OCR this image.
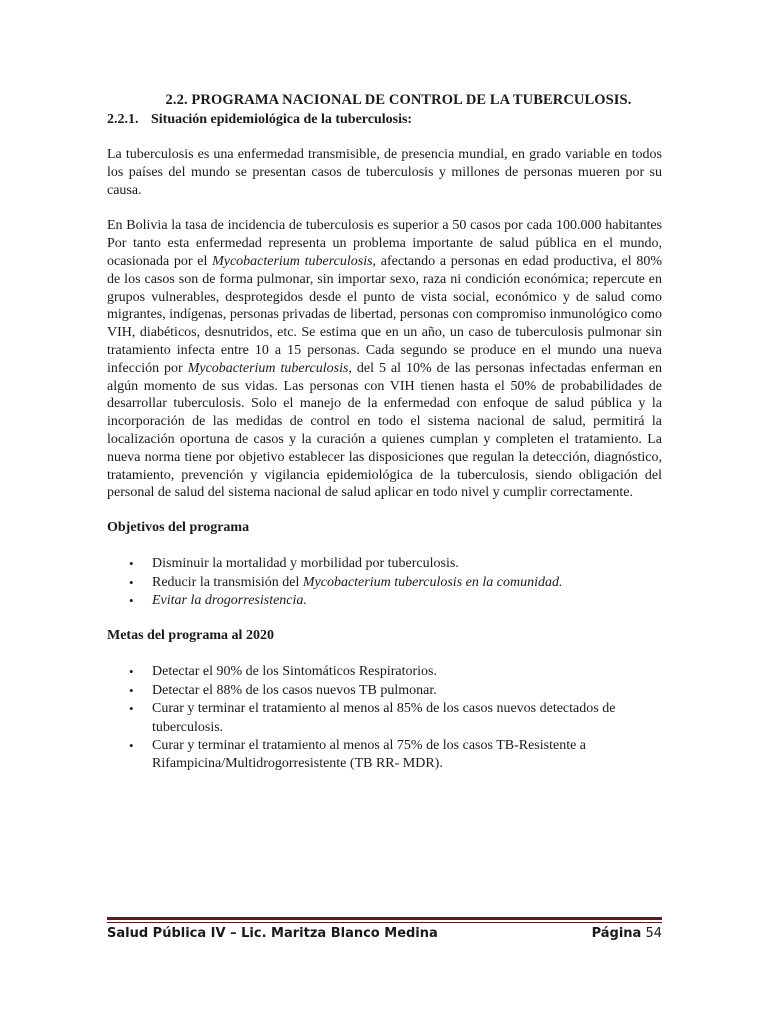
2.2. PROGRAMA NACIONAL DE CONTROL DE LA TUBERCULOSIS.
2.2.1. Situación epidemiológica de la tuberculosis:

La tuberculosis es una enfermedad transmisible, de presencia mundial, en grado variable en todos los países del mundo se presentan casos de tuberculosis y millones de personas mueren por su causa.

En Bolivia la tasa de incidencia de tuberculosis es superior a 50 casos por cada 100.000 habitantes Por tanto esta enfermedad representa un problema importante de salud pública en el mundo, ocasionada por el Mycobacterium tuberculosis, afectando a personas en edad productiva, el 80% de los casos son de forma pulmonar, sin importar sexo, raza ni condición económica; repercute en grupos vulnerables, desprotegidos desde el punto de vista social, económico y de salud como migrantes, indígenas, personas privadas de libertad, personas con compromiso inmunológico como VIH, diabéticos, desnutridos, etc. Se estima que en un año, un caso de tuberculosis pulmonar sin tratamiento infecta entre 10 a 15 personas. Cada segundo se produce en el mundo una nueva infección por Mycobacterium tuberculosis, del 5 al 10% de las personas infectadas enferman en algún momento de sus vidas. Las personas con VIH tienen hasta el 50% de probabilidades de desarrollar tuberculosis. Solo el manejo de la enfermedad con enfoque de salud pública y la incorporación de las medidas de control en todo el sistema nacional de salud, permitirá la localización oportuna de casos y la curación a quienes cumplan y completen el tratamiento. La nueva norma tiene por objetivo establecer las disposiciones que regulan la detección, diagnóstico, tratamiento, prevención y vigilancia epidemiológica de la tuberculosis, siendo obligación del personal de salud del sistema nacional de salud aplicar en todo nivel y cumplir correctamente.

Objetivos del programa
• Disminuir la mortalidad y morbilidad por tuberculosis.
• Reducir la transmisión del Mycobacterium tuberculosis en la comunidad.
• Evitar la drogorresistencia.
Metas del programa al 2020
• Detectar el 90% de los Sintomáticos Respiratorios.
• Detectar el 88% de los casos nuevos TB pulmonar.
• Curar y terminar el tratamiento al menos al 85% de los casos nuevos detectados de tuberculosis.
• Curar y terminar el tratamiento al menos al 75% de los casos TB-Resistente a Rifampicina/Multidrogorresistente (TB RR- MDR).
Salud Pública IV – Lic. Maritza Blanco Medina	Página 54
